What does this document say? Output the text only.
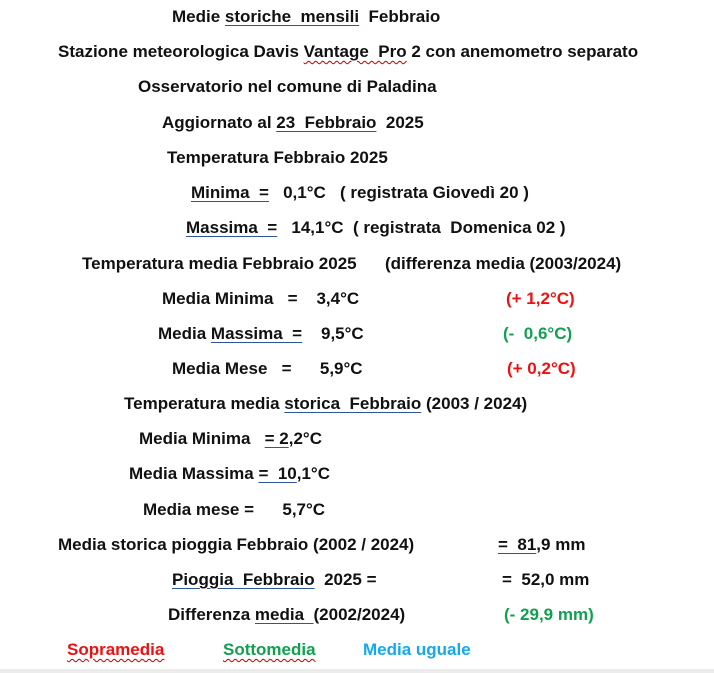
Medie storiche  mensili  Febbraio
Stazione meteorologica Davis Vantage  Pro 2 con anemometro separato
Osservatorio nel comune di Paladina
Aggiornato al 23  Febbraio  2025
Temperatura Febbraio 2025
Minima  =   0,1°C   ( registrata Giovedì 20 )
Massima  =   14,1°C  ( registrata  Domenica 02 )
Temperatura media Febbraio 2025      (differenza media (2003/2024)
Media Minima   =    3,4°C	(+ 1,2°C)
Media Massima  =    9,5°C	(-  0,6°C)
Media Mese   =      5,9°C	(+ 0,2°C)
Temperatura media storica  Febbraio (2003 / 2024)
Media Minima   = 2,2°C
Media Massima =  10,1°C
Media mese =      5,7°C
Media storica pioggia Febbraio (2002 / 2024)	=  81,9 mm
Pioggia  Febbraio  2025 =	=  52,0 mm
Differenza media  (2002/2024)	(- 29,9 mm)
Sopramedia	Sottomedia	Media uguale
